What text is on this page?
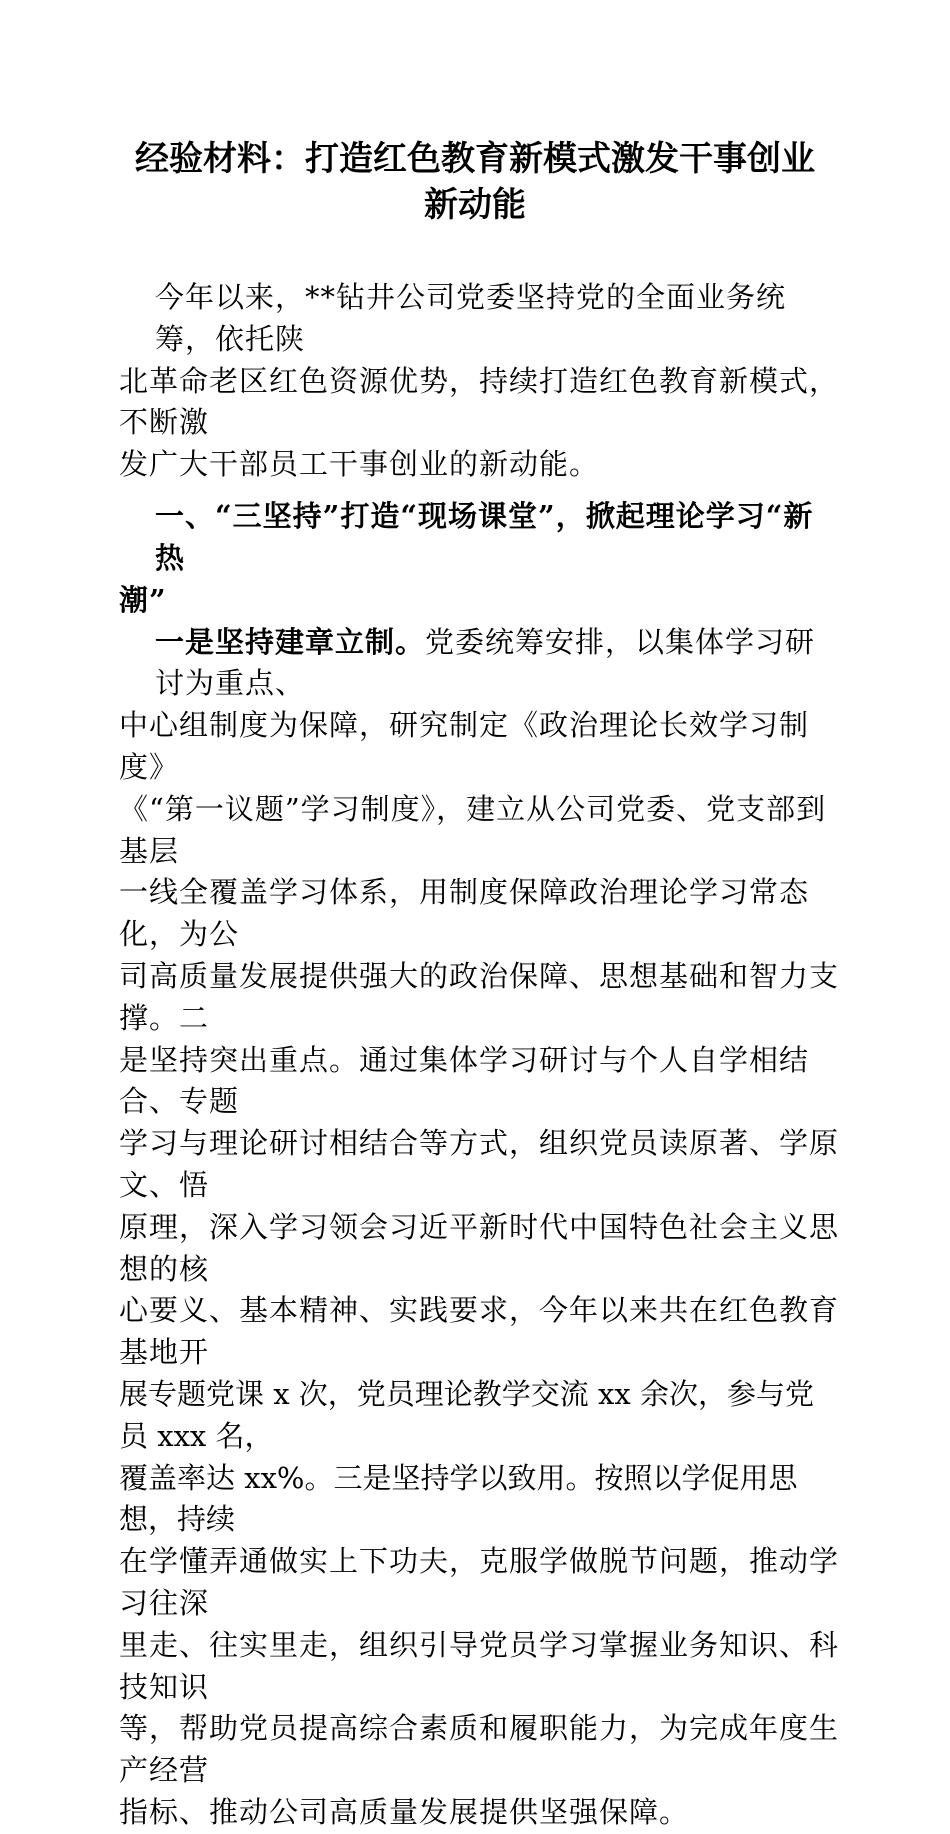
经验材料：打造红色教育新模式激发干事创业
新动能
今年以来，**钻井公司党委坚持党的全面业务统筹，依托陕
北革命老区红色资源优势，持续打造红色教育新模式，不断激
发广大干部员工干事创业的新动能。
一、“三坚持”打造“现场课堂”，掀起理论学习“新热
潮”
一是坚持建章立制。党委统筹安排，以集体学习研讨为重点、
中心组制度为保障，研究制定《政治理论长效学习制度》
《“第一议题”学习制度》，建立从公司党委、党支部到基层
一线全覆盖学习体系，用制度保障政治理论学习常态化，为公
司高质量发展提供强大的政治保障、思想基础和智力支撑。二
是坚持突出重点。通过集体学习研讨与个人自学相结合、专题
学习与理论研讨相结合等方式，组织党员读原著、学原文、悟
原理，深入学习领会习近平新时代中国特色社会主义思想的核
心要义、基本精神、实践要求，今年以来共在红色教育基地开
展专题党课 x 次，党员理论教学交流 xx 余次，参与党员 xxx 名，
覆盖率达 xx%。三是坚持学以致用。按照以学促用思想，持续
在学懂弄通做实上下功夫，克服学做脱节问题，推动学习往深
里走、往实里走，组织引导党员学习掌握业务知识、科技知识
等，帮助党员提高综合素质和履职能力，为完成年度生产经营
指标、推动公司高质量发展提供坚强保障。
